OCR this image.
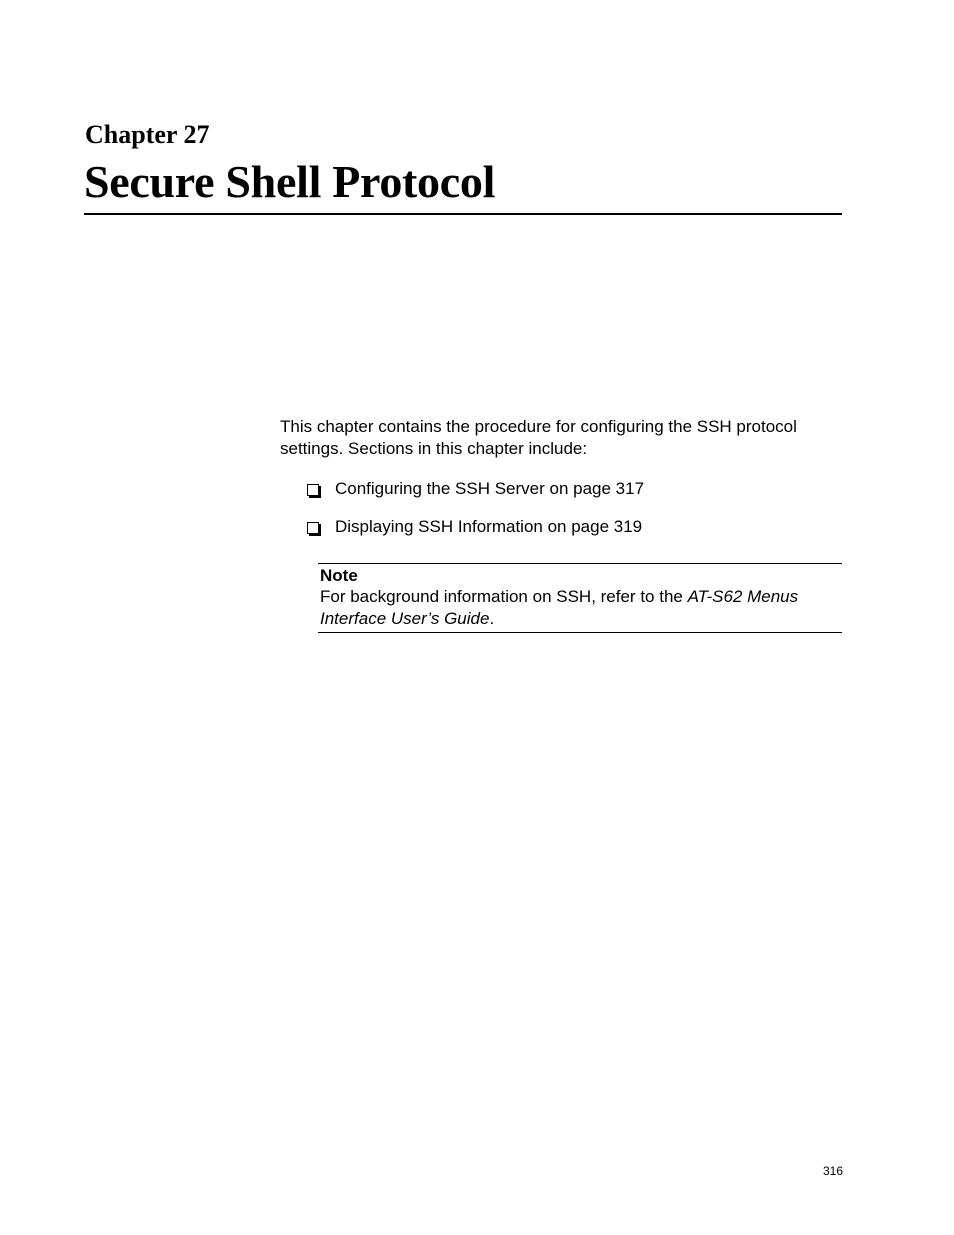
Chapter 27
Secure Shell Protocol

This chapter contains the procedure for configuring the SSH protocol settings. Sections in this chapter include:

Configuring the SSH Server on page 317
Displaying SSH Information on page 319
Note
For background information on SSH, refer to the AT-S62 Menus Interface User’s Guide.
316
